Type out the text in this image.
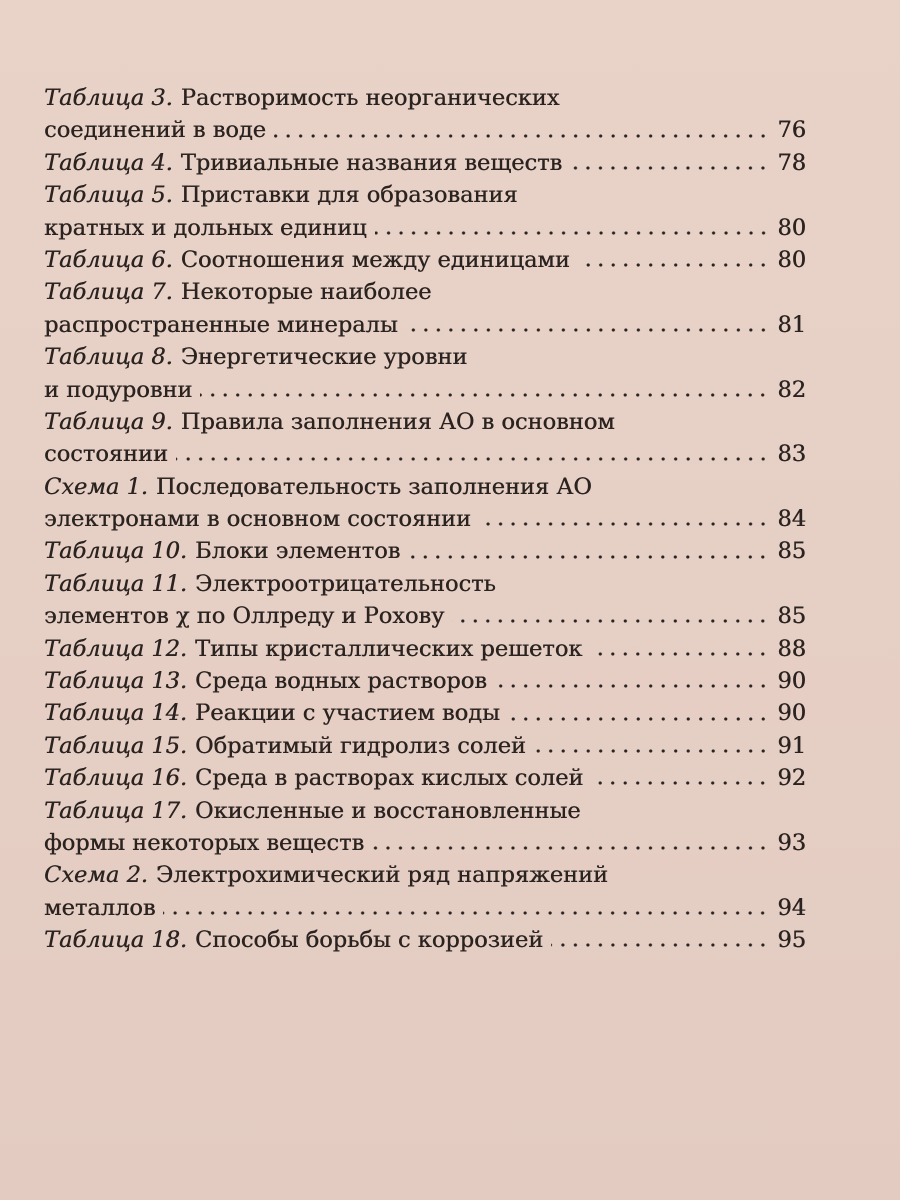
Таблица 3. Растворимость неорганических
соединений в воде	76
Таблица 4. Тривиальные названия веществ	78
Таблица 5. Приставки для образования
кратных и дольных единиц	80
Таблица 6. Соотношения между единицами	80
Таблица 7. Некоторые наиболее
распространенные минералы	81
Таблица 8. Энергетические уровни
и подуровни	82
Таблица 9. Правила заполнения АО в основном
состоянии	83
Схема 1. Последовательность заполнения АО
электронами в основном состоянии	84
Таблица 10. Блоки элементов	85
Таблица 11. Электроотрицательность
элементов χ по Оллреду и Рохову	85
Таблица 12. Типы кристаллических решеток	88
Таблица 13. Среда водных растворов	90
Таблица 14. Реакции с участием воды	90
Таблица 15. Обратимый гидролиз солей	91
Таблица 16. Среда в растворах кислых солей	92
Таблица 17. Окисленные и восстановленные
формы некоторых веществ	93
Схема 2. Электрохимический ряд напряжений
металлов	94
Таблица 18. Способы борьбы с коррозией	95
